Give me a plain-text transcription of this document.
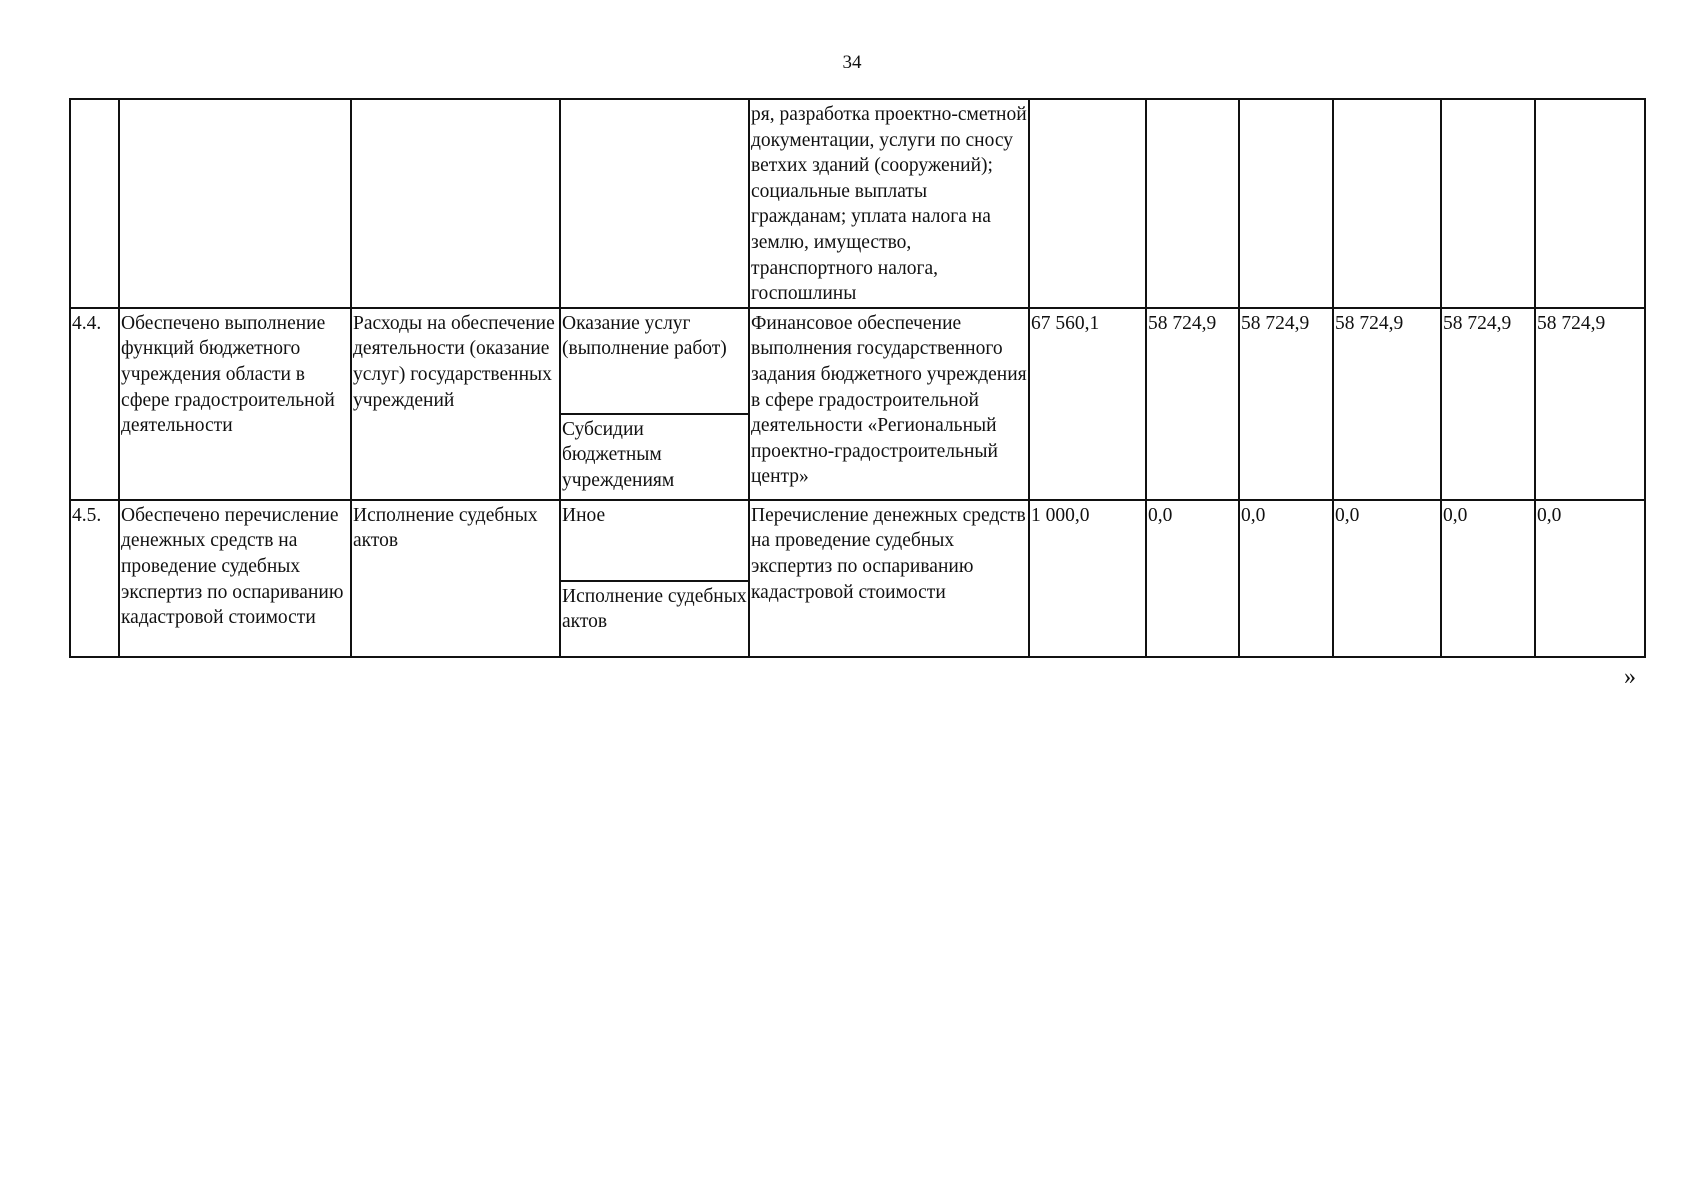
34
				ря, разработка проектно-сметной документации, услуги по сносу ветхих зданий (сооружений); социальные выплаты гражданам; уплата налога на землю, имущество, транспортного налога, госпошлины						
4.4.	Обеспечено выполнение функций бюджетного учреждения области в сфере градостроительной деятельности	Расходы на обеспечение деятельности (оказание услуг) государственных учреждений	Оказание услуг (выполнение работ)	Финансовое обеспечение выполнения государственного задания бюджетного учреждения в сфере градостроительной деятельности «Региональный проектно-градостроительный центр»	67 560,1	58 724,9	58 724,9	58 724,9	58 724,9	58 724,9
			Субсидии бюджетным учреждениям							
4.5.	Обеспечено перечисление денежных средств на проведение судебных экспертиз по оспариванию кадастровой стоимости	Исполнение судебных актов	Иное	Перечисление денежных средств на проведение судебных экспертиз по оспариванию кадастровой стоимости	1 000,0	0,0	0,0	0,0	0,0	0,0
			Исполнение судебных актов							
»
